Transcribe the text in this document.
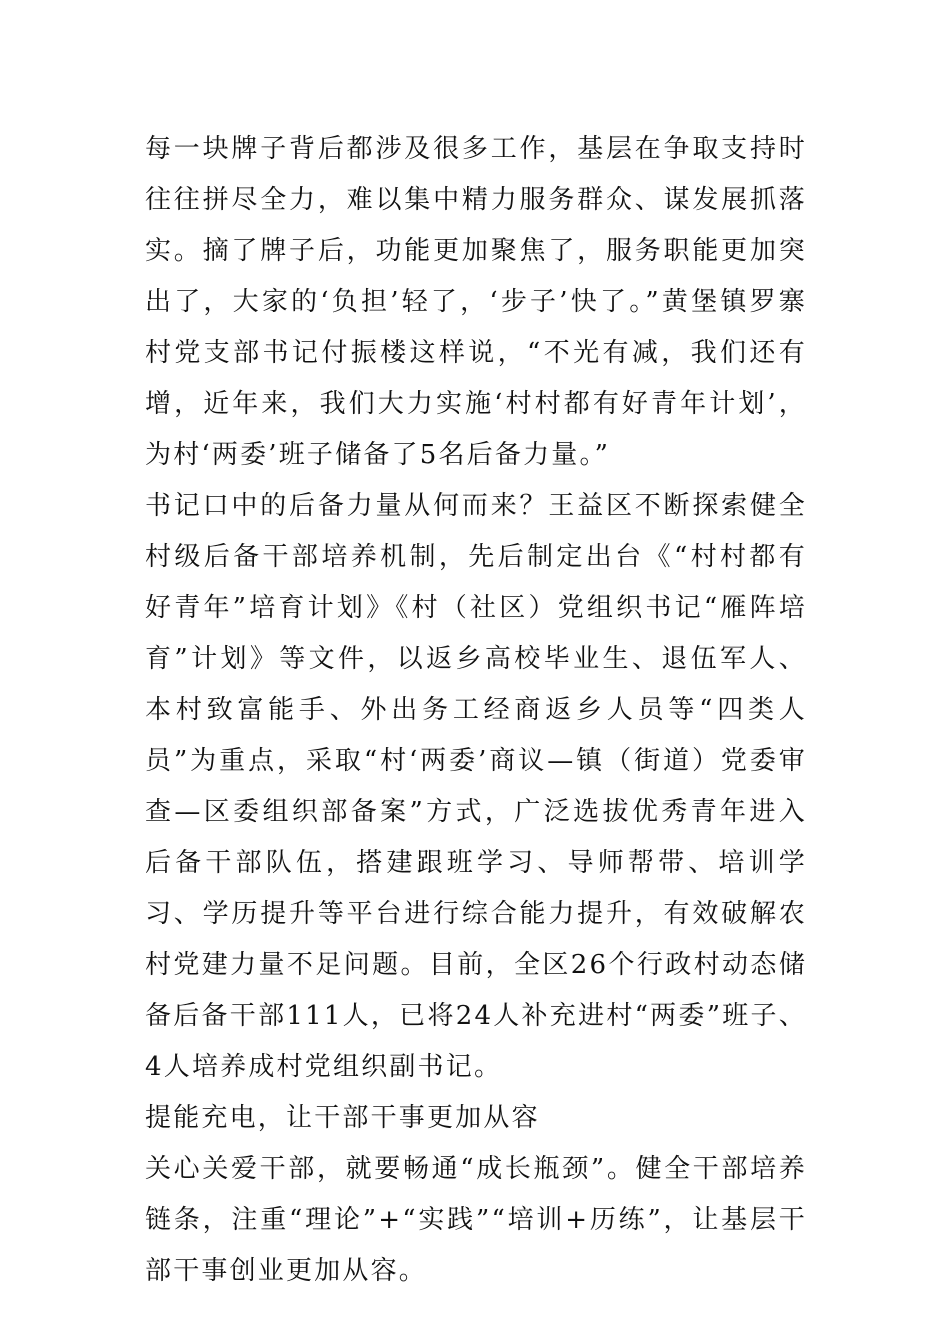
每一块牌子背后都涉及很多工作，基层在争取支持时往往拼尽全力，难以集中精力服务群众、谋发展抓落实。摘了牌子后，功能更加聚焦了，服务职能更加突出了，大家的‘负担’轻了，‘步子’快了。”黄堡镇罗寨村党支部书记付振楼这样说，“不光有减，我们还有增，近年来，我们大力实施‘村村都有好青年计划’，为村‘两委’班子储备了5名后备力量。”

书记口中的后备力量从何而来？王益区不断探索健全村级后备干部培养机制，先后制定出台《“村村都有好青年”培育计划》《村（社区）党组织书记“雁阵培育”计划》等文件，以返乡高校毕业生、退伍军人、本村致富能手、外出务工经商返乡人员等“四类人员”为重点，采取“村‘两委’商议—镇（街道）党委审查—区委组织部备案”方式，广泛选拔优秀青年进入后备干部队伍，搭建跟班学习、导师帮带、培训学习、学历提升等平台进行综合能力提升，有效破解农村党建力量不足问题。目前，全区26个行政村动态储备后备干部111人，已将24人补充进村“两委”班子、4人培养成村党组织副书记。

提能充电，让干部干事更加从容

关心关爱干部，就要畅通“成长瓶颈”。健全干部培养链条，注重“理论”+“实践”“培训+历练”，让基层干部干事创业更加从容。
